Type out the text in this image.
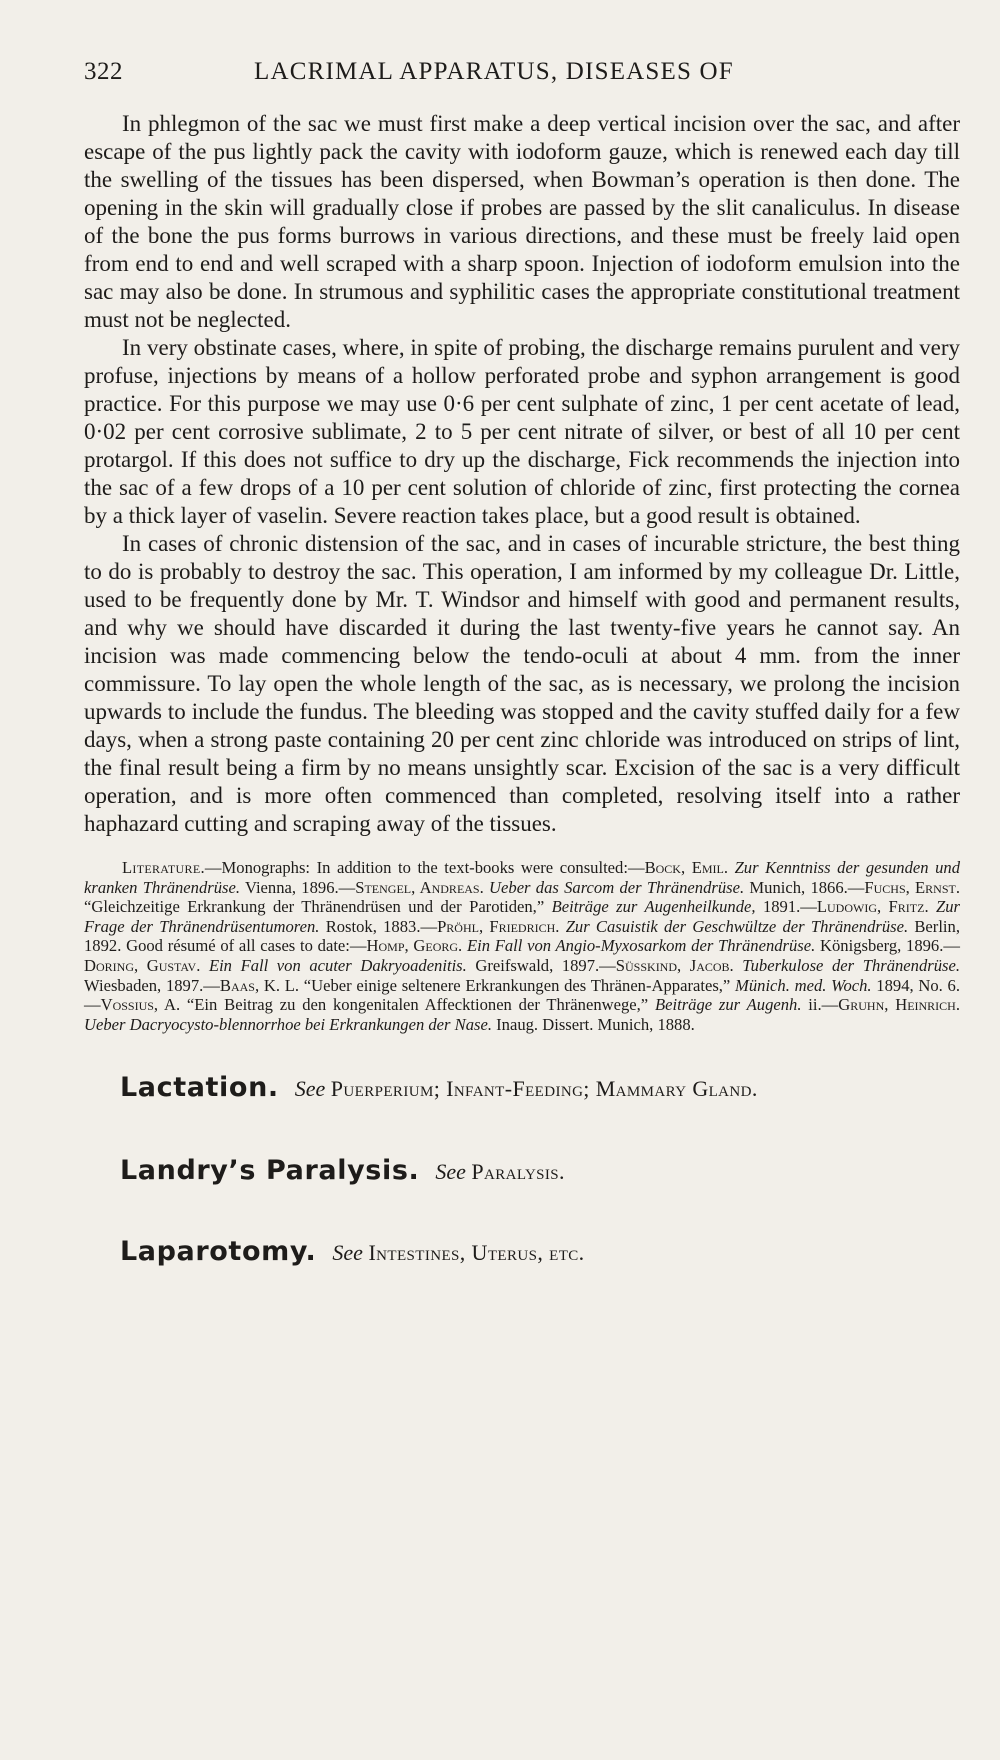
322	LACRIMAL APPARATUS, DISEASES OF

In phlegmon of the sac we must first make a deep vertical incision over the sac, and after escape of the pus lightly pack the cavity with iodoform gauze, which is renewed each day till the swelling of the tissues has been dispersed, when Bowman’s operation is then done. The opening in the skin will gradually close if probes are passed by the slit canaliculus. In disease of the bone the pus forms burrows in various directions, and these must be freely laid open from end to end and well scraped with a sharp spoon. Injection of iodoform emulsion into the sac may also be done. In strumous and syphilitic cases the appropriate constitutional treatment must not be neglected.

In very obstinate cases, where, in spite of probing, the discharge remains purulent and very profuse, injections by means of a hollow perforated probe and syphon arrangement is good practice. For this purpose we may use 0·6 per cent sulphate of zinc, 1 per cent acetate of lead, 0·02 per cent corrosive sublimate, 2 to 5 per cent nitrate of silver, or best of all 10 per cent protargol. If this does not suffice to dry up the discharge, Fick recommends the injection into the sac of a few drops of a 10 per cent solution of chloride of zinc, first protecting the cornea by a thick layer of vaselin. Severe reaction takes place, but a good result is obtained.

In cases of chronic distension of the sac, and in cases of incurable stricture, the best thing to do is probably to destroy the sac. This operation, I am informed by my colleague Dr. Little, used to be frequently done by Mr. T. Windsor and himself with good and permanent results, and why we should have discarded it during the last twenty-five years he cannot say. An incision was made commencing below the tendo-oculi at about 4 mm. from the inner commissure. To lay open the whole length of the sac, as is necessary, we prolong the incision upwards to include the fundus. The bleeding was stopped and the cavity stuffed daily for a few days, when a strong paste containing 20 per cent zinc chloride was introduced on strips of lint, the final result being a firm by no means unsightly scar. Excision of the sac is a very difficult operation, and is more often commenced than completed, resolving itself into a rather haphazard cutting and scraping away of the tissues.

Literature.—Monographs: In addition to the text-books were consulted:—Bock, Emil. Zur Kenntniss der gesunden und kranken Thränendrüse. Vienna, 1896.—Stengel, Andreas. Ueber das Sarcom der Thränendrüse. Munich, 1866.—Fuchs, Ernst. “Gleichzeitige Erkrankung der Thränendrüsen und der Parotiden,” Beiträge zur Augenheilkunde, 1891.—Ludowig, Fritz. Zur Frage der Thränendrüsentumoren. Rostok, 1883.—Pröhl, Friedrich. Zur Casuistik der Geschwültze der Thränendrüse. Berlin, 1892. Good résumé of all cases to date:—Homp, Georg. Ein Fall von Angio-Myxosarkom der Thränendrüse. Königsberg, 1896.—Doring, Gustav. Ein Fall von acuter Dakryoadenitis. Greifswald, 1897.—Süsskind, Jacob. Tuberkulose der Thränendrüse. Wiesbaden, 1897.—Baas, K. L. “Ueber einige seltenere Erkrankungen des Thränen-Apparates,” Münich. med. Woch. 1894, No. 6.—Vossius, A. “Ein Beitrag zu den kongenitalen Affecktionen der Thränenwege,” Beiträge zur Augenh. ii.—Gruhn, Heinrich. Ueber Dacryocysto-blennorrhoe bei Erkrankungen der Nase. Inaug. Dissert. Munich, 1888.
Lactation. See Puerperium; Infant-Feeding; Mammary Gland.
Landry’s Paralysis. See Paralysis.
Laparotomy. See Intestines, Uterus, etc.
